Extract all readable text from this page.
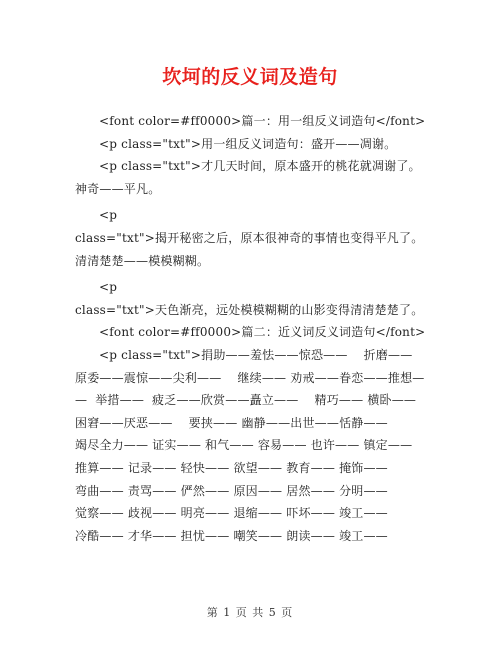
坎坷的反义词及造句
<font color=#ff0000>篇一：用一组反义词造句</font>
<p class="txt">用一组反义词造句：盛开——凋谢。
<p class="txt">才几天时间，原本盛开的桃花就凋谢了。
神奇——平凡。
<p
class="txt">揭开秘密之后，原本很神奇的事情也变得平凡了。
清清楚楚——模模糊糊。
<p
class="txt">天色渐亮，远处模模糊糊的山影变得清清楚楚了。
<font color=#ff0000>篇二：近义词反义词造句</font>
<p class="txt">捐助——羞怯——惊恐——    折磨——
原委——震惊——尖利——    继续—— 劝戒——眷恋——推想—
—  举措——  疲乏——欣赏——矗立——    精巧—— 横卧——
困窘——厌恶——    要挟—— 幽静——出世——恬静——
竭尽全力—— 证实—— 和气—— 容易—— 也许—— 镇定——
推算—— 记录—— 轻快—— 欲望—— 教育—— 掩饰——
弯曲—— 责骂—— 俨然—— 原因—— 居然—— 分明——
觉察—— 歧视—— 明亮—— 退缩—— 吓坏—— 竣工——
冷酷—— 才华—— 担忧—— 嘲笑—— 朗读—— 竣工——
第 1 页 共 5 页
